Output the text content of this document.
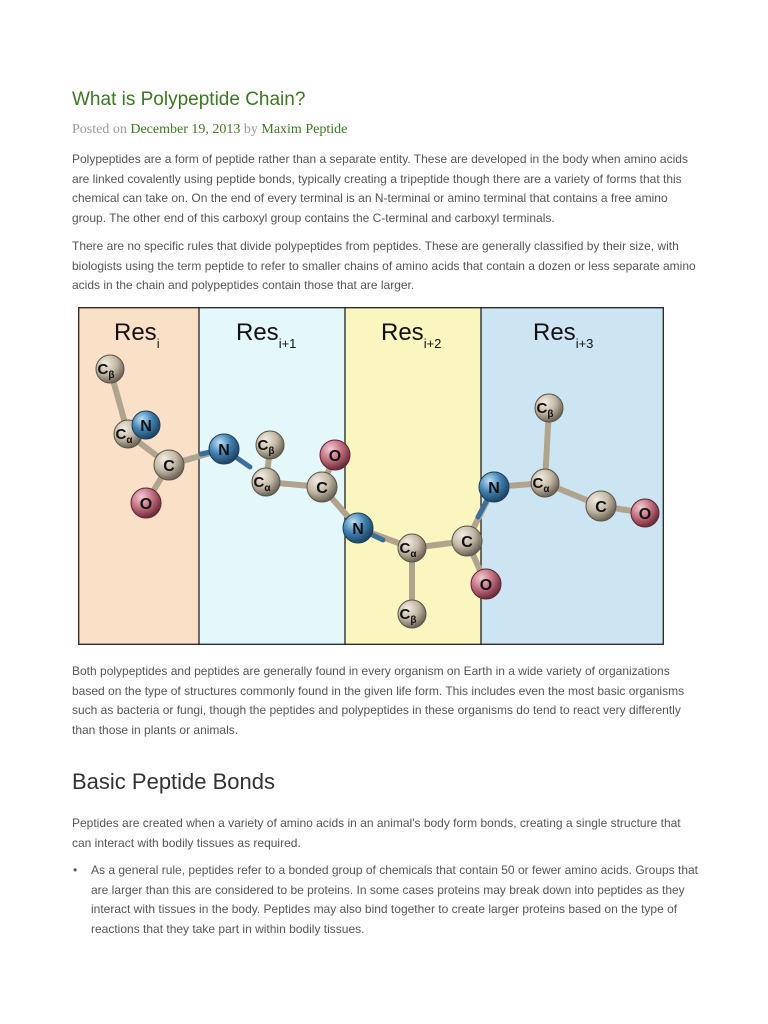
What is Polypeptide Chain?
Posted on December 19, 2013 by Maxim Peptide

Polypeptides are a form of peptide rather than a separate entity. These are developed in the body when amino acids are linked covalently using peptide bonds, typically creating a tripeptide though there are a variety of forms that this chemical can take on. On the end of every terminal is an N-terminal or amino terminal that contains a free amino group. The other end of this carboxyl group contains the C-terminal and carboxyl terminals.

There are no specific rules that divide polypeptides from peptides. These are generally classified by their size, with biologists using the term peptide to refer to smaller chains of amino acids that contain a dozen or less separate amino acids in the chain and polypeptides contain those that are larger.

Res$_i$	Res$_{i+1}$	Res$_{i+2}$	Res$_{i+3}$
$C_\beta$
$C_\alpha$
N
C
O
N $C_\beta$
$C_\alpha$
O
C
N
$C_\alpha$
$C_\beta$
C
O
N
$C_\beta$
$C_\alpha$
C O

Both polypeptides and peptides are generally found in every organism on Earth in a wide variety of organizations based on the type of structures commonly found in the given life form. This includes even the most basic organisms such as bacteria or fungi, though the peptides and polypeptides in these organisms do tend to react very differently than those in plants or animals.

Basic Peptide Bonds

Peptides are created when a variety of amino acids in an animal's body form bonds, creating a single structure that can interact with bodily tissues as required.

• As a general rule, peptides refer to a bonded group of chemicals that contain 50 or fewer amino acids. Groups that are larger than this are considered to be proteins. In some cases proteins may break down into peptides as they interact with tissues in the body. Peptides may also bind together to create larger proteins based on the type of reactions that they take part in within bodily tissues.
